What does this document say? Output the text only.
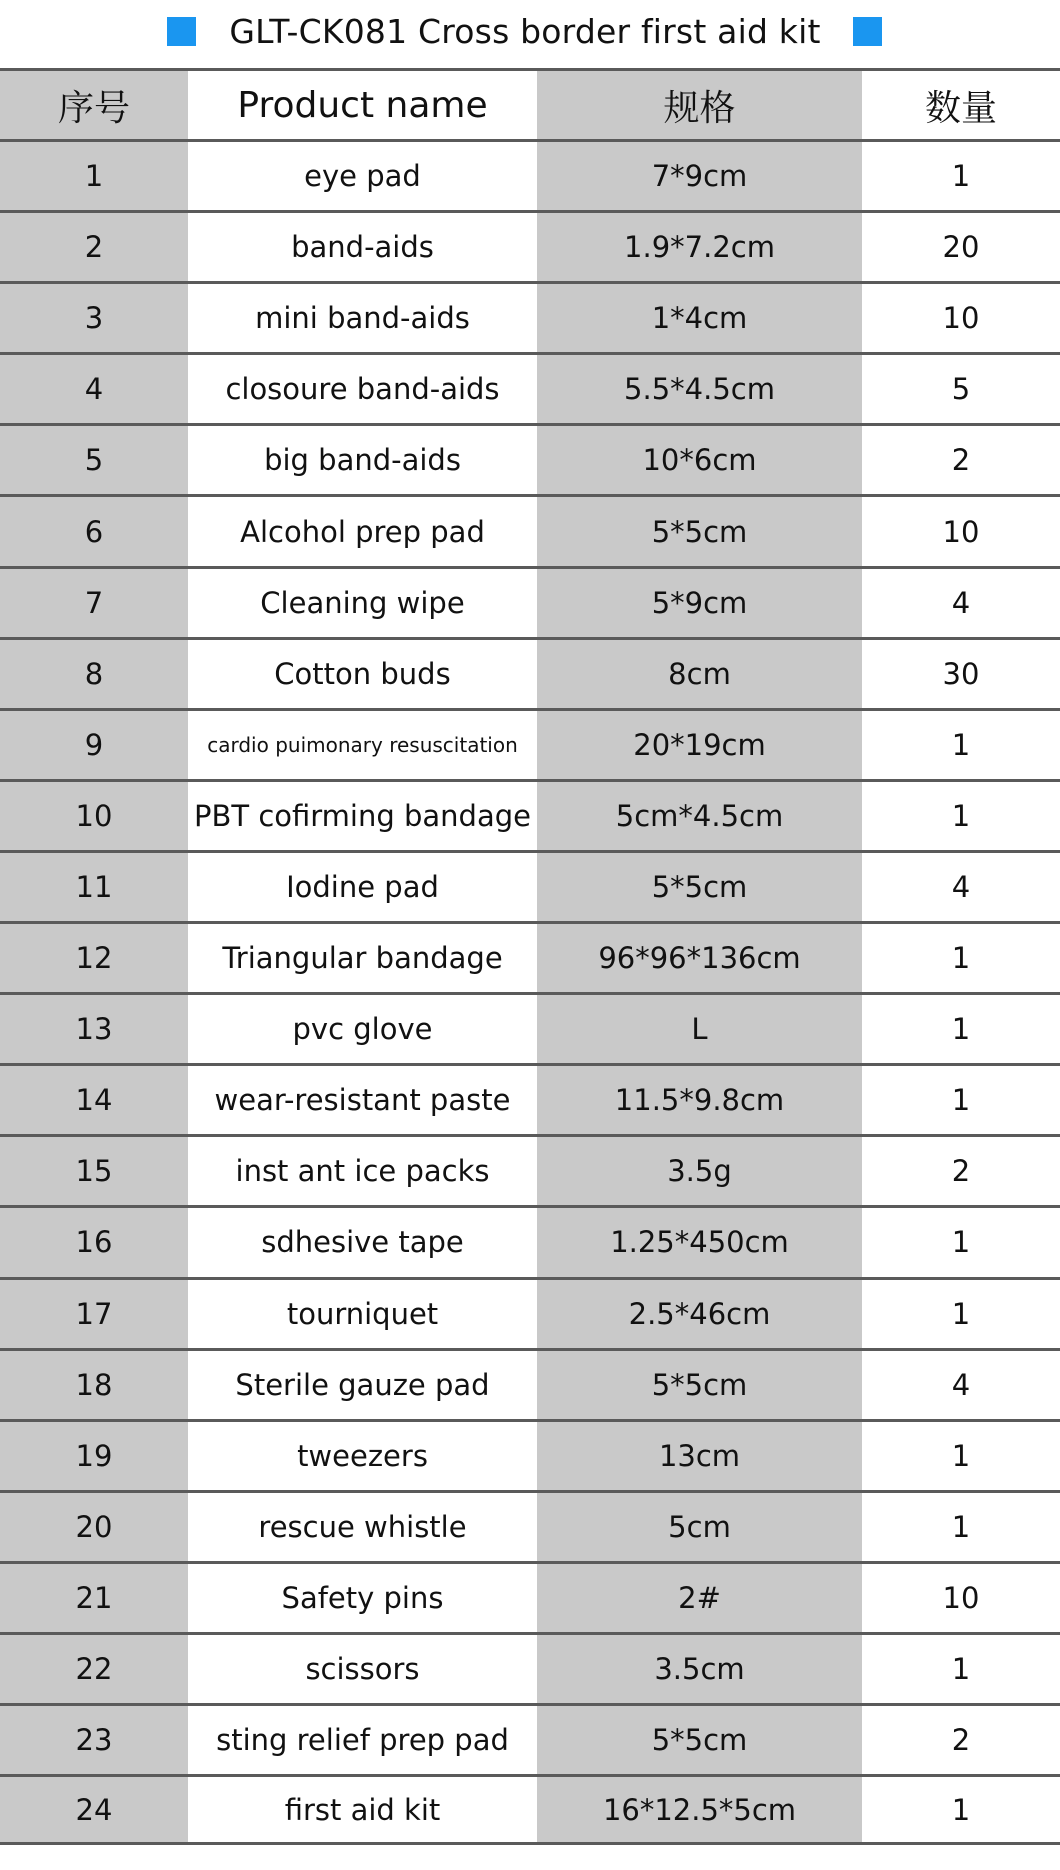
GLT-CK081 Cross border first aid kit
序号	Product name	规格	数量
1	eye pad	7*9cm	1
2	band-aids	1.9*7.2cm	20
3	mini band-aids	1*4cm	10
4	closoure band-aids	5.5*4.5cm	5
5	big band-aids	10*6cm	2
6	Alcohol prep pad	5*5cm	10
7	Cleaning wipe	5*9cm	4
8	Cotton buds	8cm	30
9	cardio puimonary resuscitation	20*19cm	1
10	PBT cofirming bandage	5cm*4.5cm	1
11	Iodine pad	5*5cm	4
12	Triangular bandage	96*96*136cm	1
13	pvc glove	L	1
14	wear-resistant paste	11.5*9.8cm	1
15	inst ant ice packs	3.5g	2
16	sdhesive tape	1.25*450cm	1
17	tourniquet	2.5*46cm	1
18	Sterile gauze pad	5*5cm	4
19	tweezers	13cm	1
20	rescue whistle	5cm	1
21	Safety pins	2#	10
22	scissors	3.5cm	1
23	sting relief prep pad	5*5cm	2
24	first aid kit	16*12.5*5cm	1
